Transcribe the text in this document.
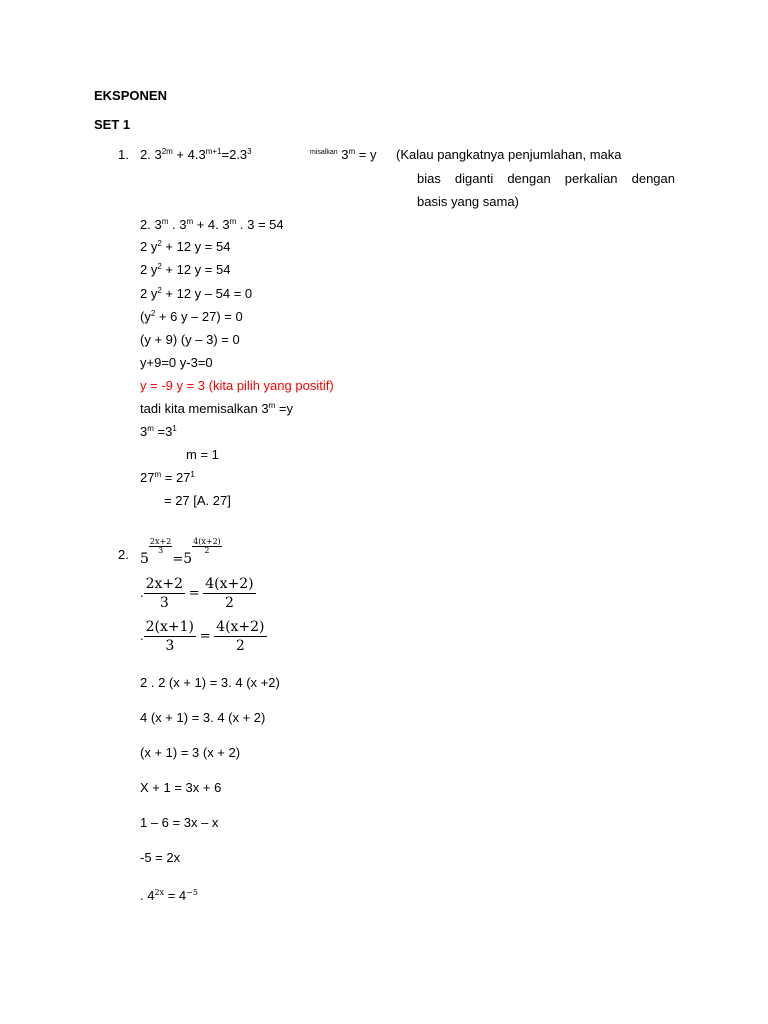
EKSPONEN
SET 1
1. 2. $3^{2m} + 4.3^{m+1}=2.3^3$	$^{misalkan}$ $3^m = y$ (Kalau pangkatnya penjumlahan, maka
bias diganti dengan perkalian dengan
basis yang sama)
2. 3$^m$ . $3^m + 4$. 3$^m$ . 3 = 54
2 $y^2 + 12$ y = 54
2 $y^2 + 12$ y = 54
2 $y^2 + 12$ y – 54 = 0
($y^2 + 6$ y – 27) = 0
(y + 9) (y – 3) = 0
y+9=0 y-3=0
y = -9 y = 3 (kita pilih yang positif)
tadi kita memisalkan $3^m =y$
$3^m =3^1$
m = 1
$27^m = 27^1$
= 27 [A. 27]
2. 5
$\frac{2x+2}{3}$
=5
$\frac{4(x+2)}{2}$
. $\frac{2x+2}{3} = \frac{4(x+2)}{2}$
. $\frac{2(x+1)}{3} = \frac{4(x+2)}{2}$
2 . 2 (x + 1) = 3. 4 (x +2)
4 (x + 1) = 3. 4 (x + 2)
(x + 1) = 3 (x + 2)
X + 1 = 3x + 6
1 – 6 = 3x – x
-5 = 2x
. $4^{2x} = 4^{-5}$
